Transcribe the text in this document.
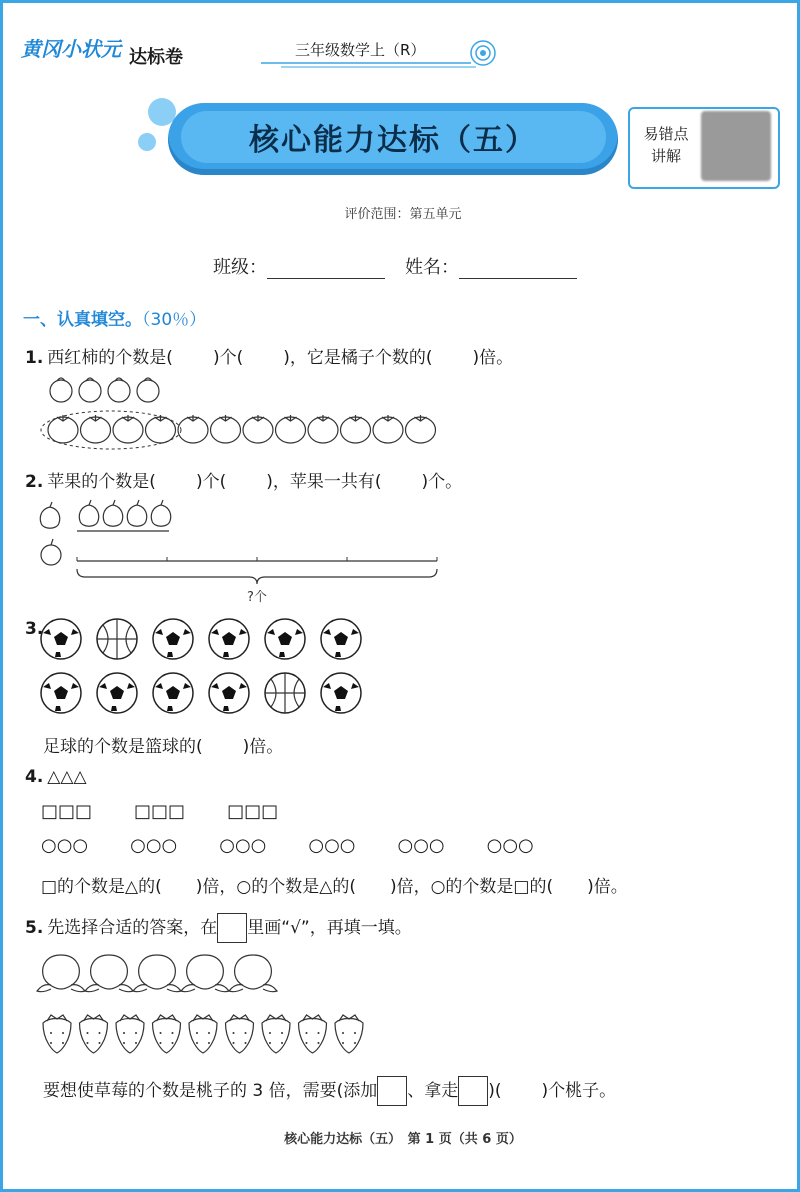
黄冈小状元 达标卷	三年级数学上（R）
核心能力达标（五）	易错点
讲解
评价范围：第五单元
班级：	姓名：
一、认真填空。（30％）
1. 西红柿的个数是( )个( )，它是橘子个数的( )倍。
2. 苹果的个数是( )个( )，苹果一共有( )个。
?个
3.
足球的个数是篮球的( )倍。
4. △△△
□□□ □□□ □□□
○○○ ○○○ ○○○ ○○○ ○○○ ○○○
□的个数是△的( )倍，○的个数是△的( )倍，○的个数是□的( )倍。
5. 先选择合适的答案，在 里画“√”，再填一填。
要想使草莓的个数是桃子的 3 倍，需要(添加 、拿走 )( )个桃子。
核心能力达标（五）　第 1 页（共 6 页）
